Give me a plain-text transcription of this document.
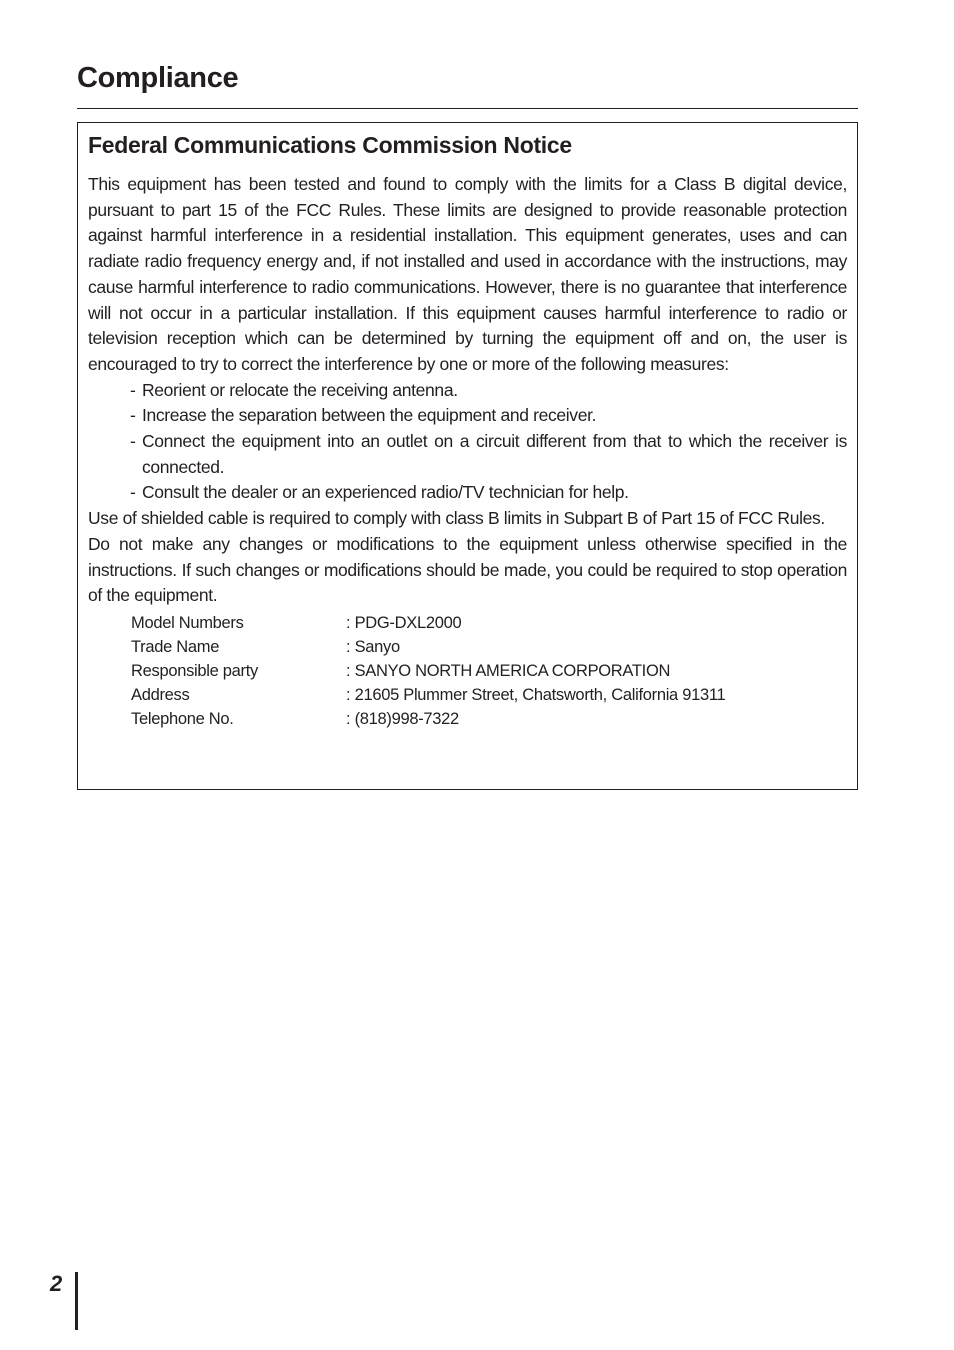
Compliance
Federal Communications Commission Notice

This equipment has been tested and found to comply with the limits for a Class B digital device, pursuant to part 15 of the FCC Rules. These limits are designed to provide reasonable protection against harmful interference in a residential installation. This equipment generates, uses and can radiate radio frequency energy and, if not installed and used in accordance with the instructions, may cause harmful interference to radio communications. However, there is no guarantee that interference will not occur in a particular installation. If this equipment causes harmful interference to radio or television reception which can be determined by turning the equipment off and on, the user is encouraged to try to correct the interference by one or more of the following measures:

- Reorient or relocate the receiving antenna.
- Increase the separation between the equipment and receiver.
- Connect the equipment into an outlet on a circuit different from that to which the receiver is connected.
- Consult the dealer or an experienced radio/TV technician for help.

Use of shielded cable is required to comply with class B limits in Subpart B of Part 15 of FCC Rules.

Do not make any changes or modifications to the equipment unless otherwise specified in the instructions. If such changes or modifications should be made, you could be required to stop operation of the equipment.

Model Numbers	: PDG-DXL2000
Trade Name	: Sanyo
Responsible party	: SANYO NORTH AMERICA CORPORATION
Address	: 21605 Plummer Street, Chatsworth, California 91311
Telephone No.	: (818)998-7322
2
